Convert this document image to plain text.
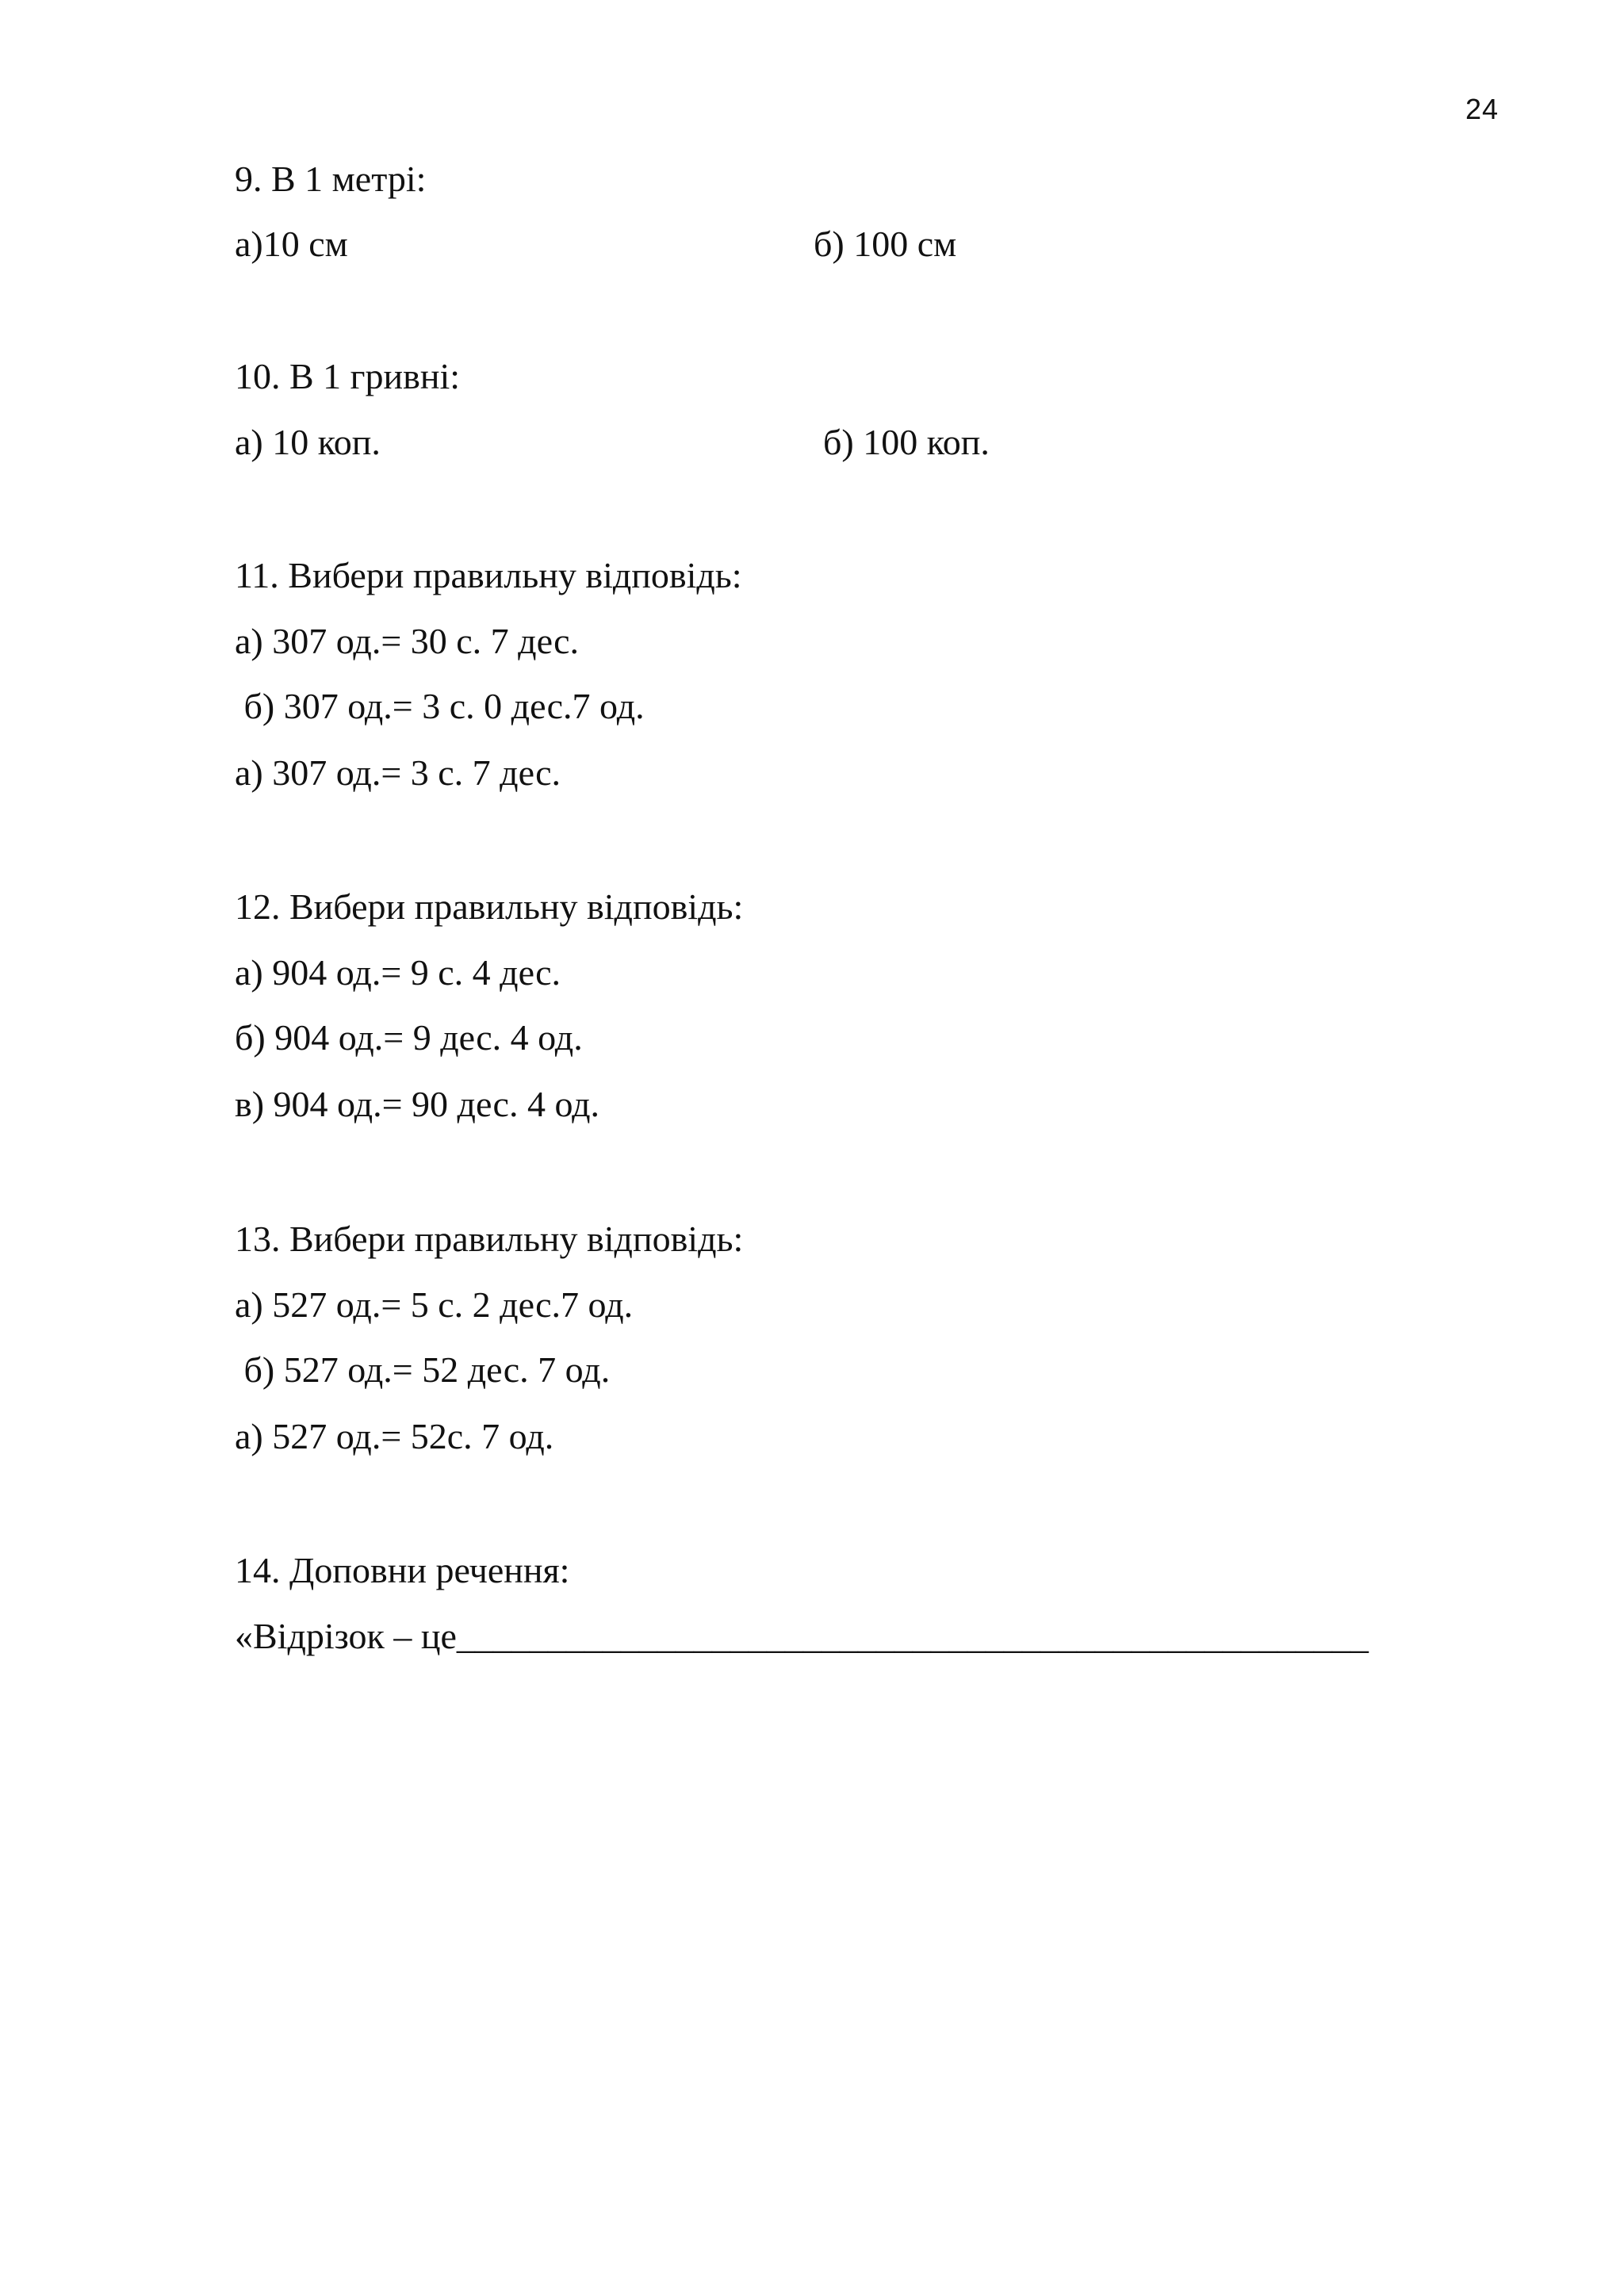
24
9. В 1 метрі:
а)10 см	б) 100 см
10. В 1 гривні:
а) 10 коп.	б) 100 коп.
11. Вибери правильну відповідь:
а) 307 од.= 30 с. 7 дес.
б) 307 од.= 3 с. 0 дес.7 од.
а) 307 од.= 3 с. 7 дес.
12. Вибери правильну відповідь:
а) 904 од.= 9 с. 4 дес.
б) 904 од.= 9 дес. 4 од.
в) 904 од.= 90 дес. 4 од.
13. Вибери правильну відповідь:
а) 527 од.= 5 с. 2 дес.7 од.
б) 527 од.= 52 дес. 7 од.
а) 527 од.= 52с. 7 од.
14. Доповни речення:
«Відрізок – це__________________________________________________
